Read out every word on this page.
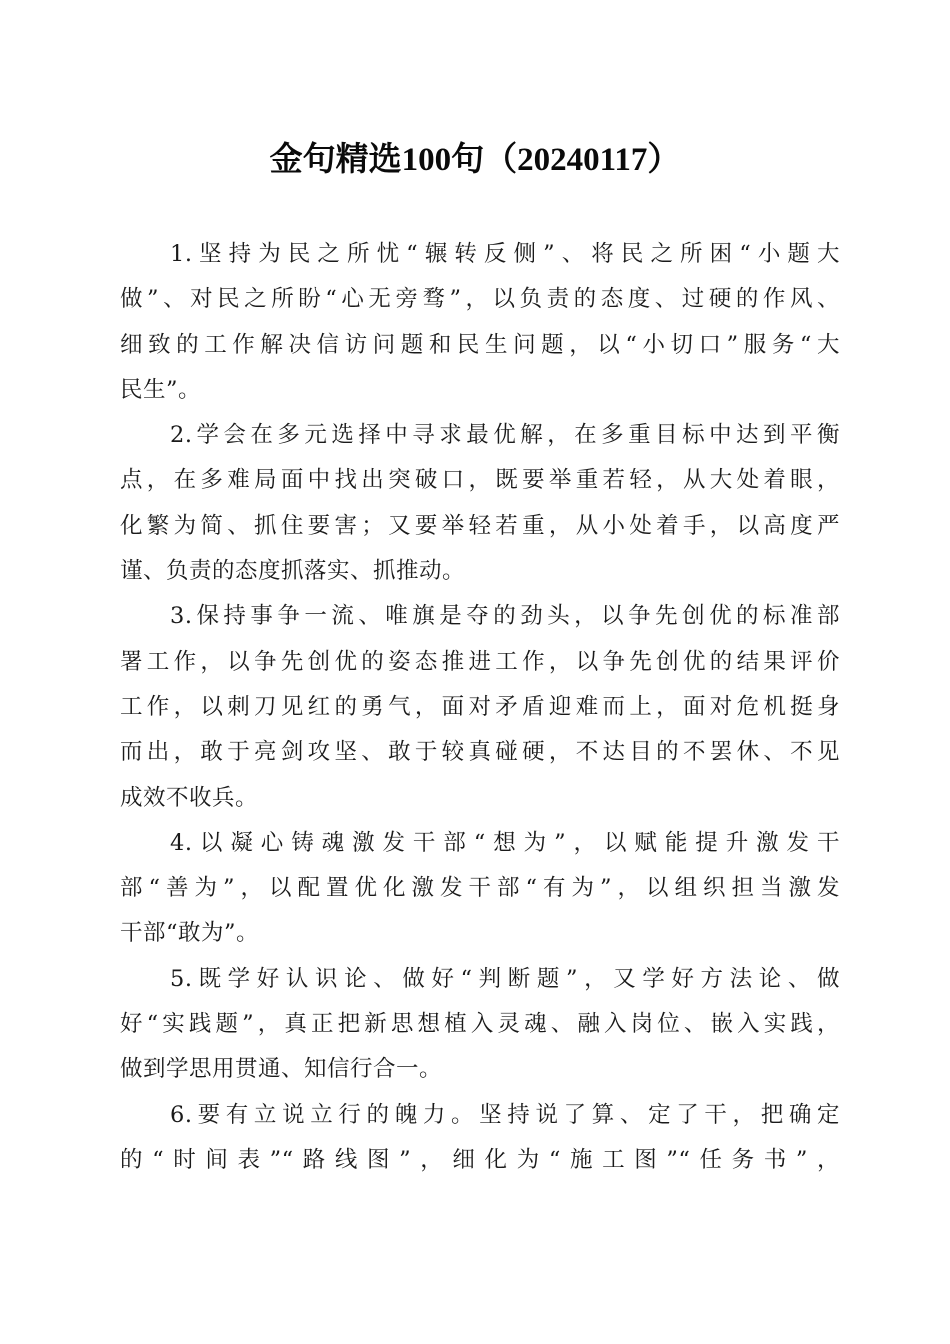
金句精选100句（20240117）
1.坚持为民之所忧“辗转反侧”、将民之所困“小题大
做”、对民之所盼“心无旁骛”，以负责的态度、过硬的作风、
细致的工作解决信访问题和民生问题，以“小切口”服务“大
民生”。
2.学会在多元选择中寻求最优解，在多重目标中达到平衡
点，在多难局面中找出突破口，既要举重若轻，从大处着眼，
化繁为简、抓住要害；又要举轻若重，从小处着手，以高度严
谨、负责的态度抓落实、抓推动。
3.保持事争一流、唯旗是夺的劲头，以争先创优的标准部
署工作，以争先创优的姿态推进工作，以争先创优的结果评价
工作，以刺刀见红的勇气，面对矛盾迎难而上，面对危机挺身
而出，敢于亮剑攻坚、敢于较真碰硬，不达目的不罢休、不见
成效不收兵。
4.以凝心铸魂激发干部“想为”，以赋能提升激发干
部“善为”，以配置优化激发干部“有为”，以组织担当激发
干部“敢为”。
5.既学好认识论、做好“判断题”，又学好方法论、做
好“实践题”，真正把新思想植入灵魂、融入岗位、嵌入实践，
做到学思用贯通、知信行合一。
6.要有立说立行的魄力。坚持说了算、定了干，把确定
的“时间表”“路线图”，细化为“施工图”“任务书”，
